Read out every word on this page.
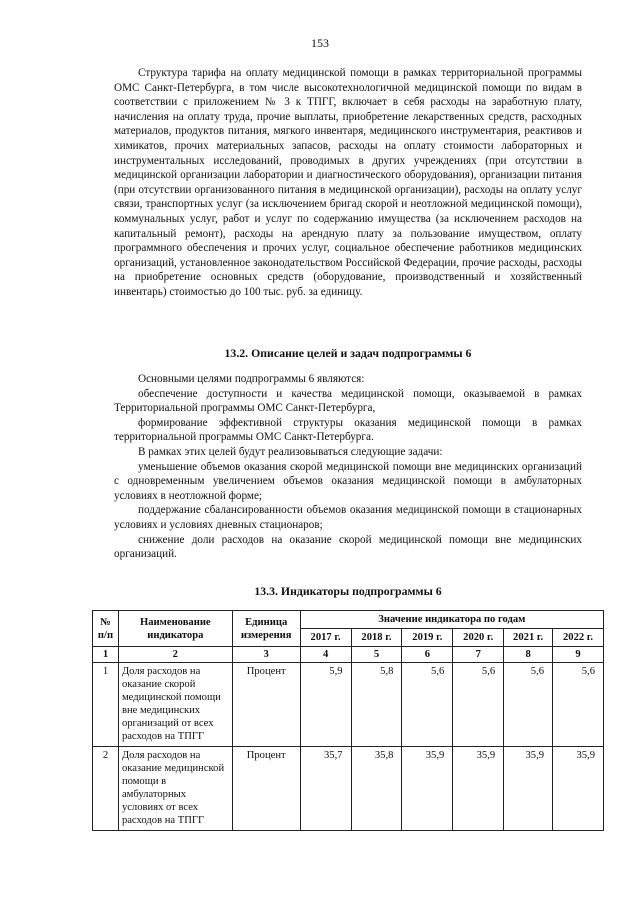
153

Структура тарифа на оплату медицинской помощи в рамках территориальной программы ОМС Санкт-Петербурга, в том числе высокотехнологичной медицинской помощи по видам в соответствии с приложением № 3 к ТПГГ, включает в себя расходы на заработную плату, начисления на оплату труда, прочие выплаты, приобретение лекарственных средств, расходных материалов, продуктов питания, мягкого инвентаря, медицинского инструментария, реактивов и химикатов, прочих материальных запасов, расходы на оплату стоимости лабораторных и инструментальных исследований, проводимых в других учреждениях (при отсутствии в медицинской организации лаборатории и диагностического оборудования), организации питания (при отсутствии организованного питания в медицинской организации), расходы на оплату услуг связи, транспортных услуг (за исключением бригад скорой и неотложной медицинской помощи), коммунальных услуг, работ и услуг по содержанию имущества (за исключением расходов на капитальный ремонт), расходы на арендную плату за пользование имуществом, оплату программного обеспечения и прочих услуг, социальное обеспечение работников медицинских организаций, установленное законодательством Российской Федерации, прочие расходы, расходы на приобретение основных средств (оборудование, производственный и хозяйственный инвентарь) стоимостью до 100 тыс. руб. за единицу.

13.2. Описание целей и задач подпрограммы 6

Основными целями подпрограммы 6 являются:

обеспечение доступности и качества медицинской помощи, оказываемой в рамках Территориальной программы ОМС Санкт-Петербурга,

формирование эффективной структуры оказания медицинской помощи в рамках территориальной программы ОМС Санкт-Петербурга.

В рамках этих целей будут реализовываться следующие задачи:

уменьшение объемов оказания скорой медицинской помощи вне медицинских организаций с одновременным увеличением объемов оказания медицинской помощи в амбулаторных условиях в неотложной форме;

поддержание сбалансированности объемов оказания медицинской помощи в стационарных условиях и условиях дневных стационаров;

снижение доли расходов на оказание скорой медицинской помощи вне медицинских организаций.

13.3. Индикаторы подпрограммы 6
№ п/п	Наименование индикатора	Единица измерения	Значение индикатора по годам					
			2017 г.	2018 г.	2019 г.	2020 г.	2021 г.	2022 г.
1	2	3	4	5	6	7	8	9
1	Доля расходов на оказание скорой медицинской помощи вне медицинских организаций от всех расходов на ТПГГ	Процент	5,9	5,8	5,6	5,6	5,6	5,6
2	Доля расходов на оказание медицинской помощи в амбулаторных условиях от всех расходов на ТПГГ	Процент	35,7	35,8	35,9	35,9	35,9	35,9
